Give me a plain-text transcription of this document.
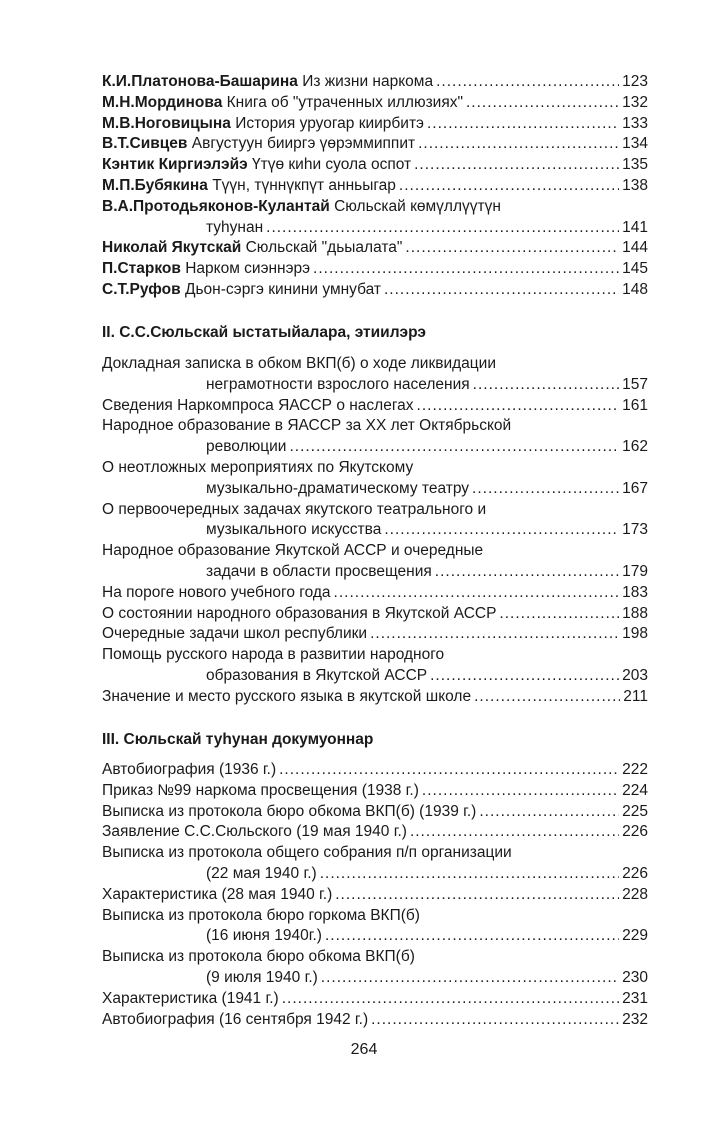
К.И.Платонова-Башарина Из жизни наркома .....	123
М.Н.Мординова Книга об "утраченных иллюзиях" .....	132
М.В.Ноговицына История уруогар киирбитэ .....	133
В.Т.Сивцев Августуун бииргэ үөрэммиппит .....	134
Кэнтик Киргиэлэйэ Үтүө киһи суола оспот .....	135
М.П.Бубякина Түүн, түннүкпүт анньыгар .....	138
В.А.Протодьяконов-Кулантай Сюльскай көмүллүүтүн
туһунан .....	141
Николай Якутскай Сюльскай "дьыалата" .....	144
П.Старков Нарком сиэннэрэ .....	145
С.Т.Руфов Дьон-сэргэ кинини умнубат .....	148
II. С.С.Сюльскай ыстатыйалара, этиилэрэ
Докладная записка в обком ВКП(б) о ходе ликвидации
неграмотности взрослого населения .....	157
Сведения Наркомпроса ЯАССР о наслегах .....	161
Народное образование в ЯАССР за XX лет Октябрьской
революции .....	162
О неотложных мероприятиях по Якутскому
музыкально-драматическому театру .....	167
О первоочередных задачах якутского театрального и
музыкального искусства .....	173
Народное образование Якутской АССР и очередные
задачи в области просвещения .....	179
На пороге нового учебного года .....	183
О состоянии народного образования в Якутской АССР .....	188
Очередные задачи школ республики .....	198
Помощь русского народа в развитии народного
образования в Якутской АССР .....	203
Значение и место русского языка в якутской школе .....	211
III. Сюльскай туһунан докумуоннар
Автобиография (1936 г.) .....	222
Приказ №99 наркома просвещения (1938 г.) .....	224
Выписка из протокола бюро обкома ВКП(б) (1939 г.) .....	225
Заявление С.С.Сюльского (19 мая 1940 г.) .....	226
Выписка из протокола общего собрания п/п организации
(22 мая 1940 г.) .....	226
Характеристика (28 мая 1940 г.) .....	228
Выписка из протокола бюро горкома ВКП(б)
(16 июня 1940г.) .....	229
Выписка из протокола бюро обкома ВКП(б)
(9 июля 1940 г.) .....	230
Характеристика (1941 г.) .....	231
Автобиография (16 сентября 1942 г.) .....	232
264
